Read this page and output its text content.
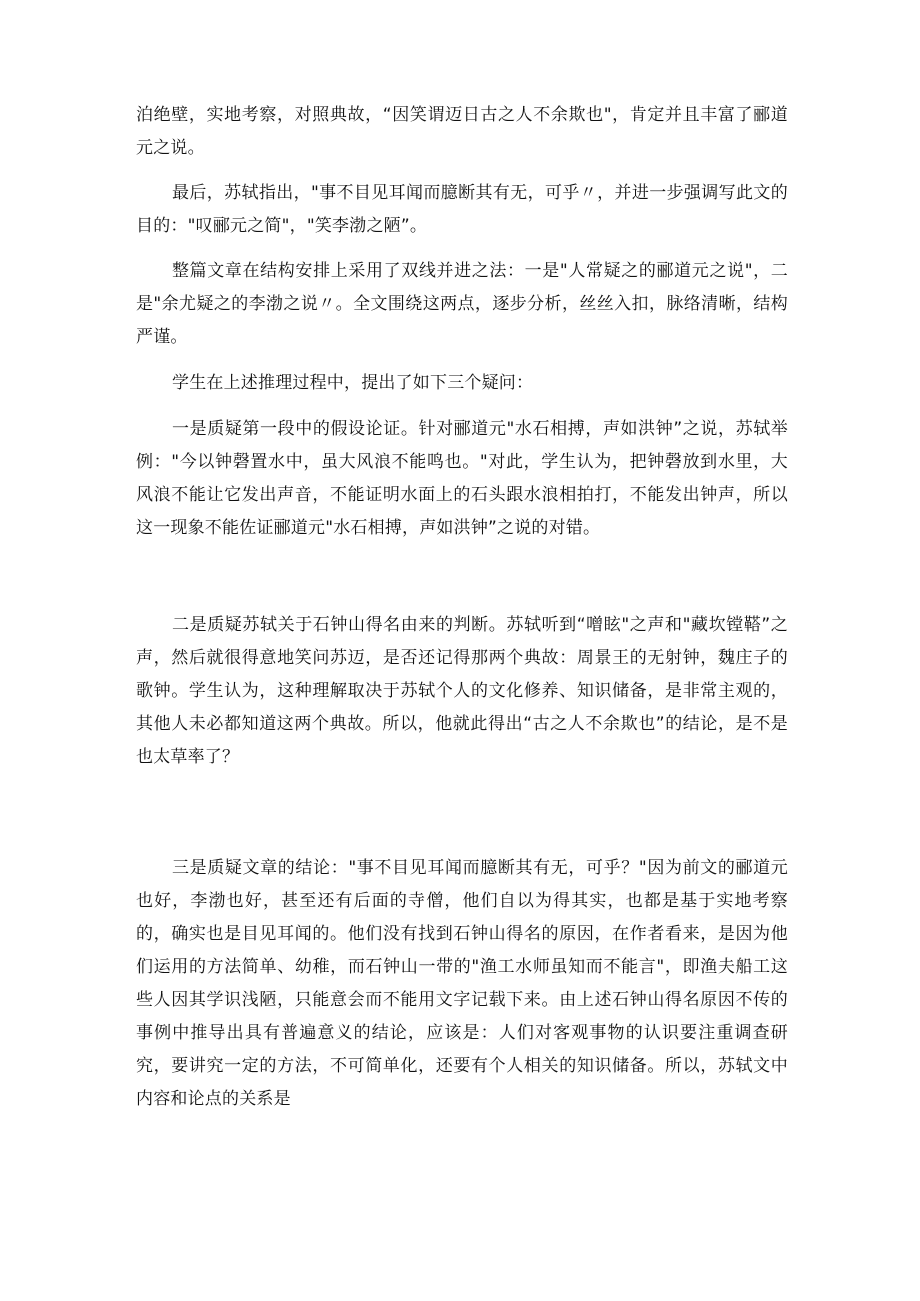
泊绝壁，实地考察，对照典故，“因笑谓迈日古之人不余欺也"，肯定并且丰富了郦道元之说。

最后，苏轼指出，"事不目见耳闻而臆断其有无，可乎〃，并进一步强调写此文的目的："叹郦元之简"，"笑李渤之陋”。

整篇文章在结构安排上采用了双线并进之法：一是"人常疑之的郦道元之说"，二是"余尤疑之的李渤之说〃。全文围绕这两点，逐步分析，丝丝入扣，脉络清晰，结构严谨。

学生在上述推理过程中，提出了如下三个疑问：

一是质疑第一段中的假设论证。针对郦道元"水石相搏，声如洪钟”之说，苏轼举例："今以钟磬置水中，虽大风浪不能鸣也。"对此，学生认为，把钟磬放到水里，大风浪不能让它发出声音，不能证明水面上的石头跟水浪相拍打，不能发出钟声，所以这一现象不能佐证郦道元"水石相搏，声如洪钟”之说的对错。

二是质疑苏轼关于石钟山得名由来的判断。苏轼听到“噌眩"之声和"藏坎镗鞳”之声，然后就很得意地笑问苏迈，是否还记得那两个典故：周景王的无射钟，魏庄子的歌钟。学生认为，这种理解取决于苏轼个人的文化修养、知识储备，是非常主观的，其他人未必都知道这两个典故。所以，他就此得出“古之人不余欺也”的结论，是不是也太草率了？

三是质疑文章的结论："事不目见耳闻而臆断其有无，可乎？"因为前文的郦道元也好，李渤也好，甚至还有后面的寺僧，他们自以为得其实，也都是基于实地考察的，确实也是目见耳闻的。他们没有找到石钟山得名的原因，在作者看来，是因为他们运用的方法简单、幼稚，而石钟山一带的"渔工水师虽知而不能言"，即渔夫船工这些人因其学识浅陋，只能意会而不能用文字记载下来。由上述石钟山得名原因不传的事例中推导出具有普遍意义的结论，应该是：人们对客观事物的认识要注重调查研究，要讲究一定的方法，不可简单化，还要有个人相关的知识储备。所以，苏轼文中内容和论点的关系是
